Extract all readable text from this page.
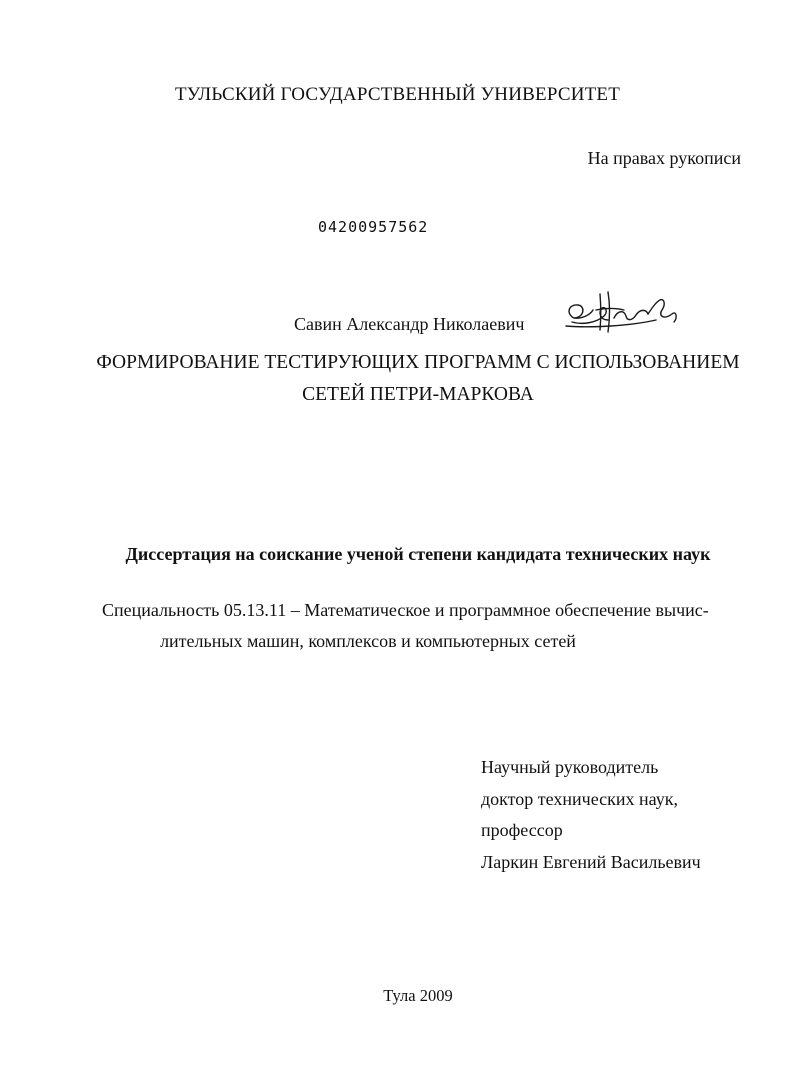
ТУЛЬСКИЙ ГОСУДАРСТВЕННЫЙ УНИВЕРСИТЕТ
На правах рукописи
04200957562
Савин Александр Николаевич
ФОРМИРОВАНИЕ ТЕСТИРУЮЩИХ ПРОГРАММ С ИСПОЛЬЗОВАНИЕМ
СЕТЕЙ ПЕТРИ-МАРКОВА
Диссертация на соискание ученой степени кандидата технических наук
Специальность 05.13.11 – Математическое и программное обеспечение вычис-
лительных машин, комплексов и компьютерных сетей
Научный руководитель
доктор технических наук,
профессор
Ларкин Евгений Васильевич
Тула 2009
